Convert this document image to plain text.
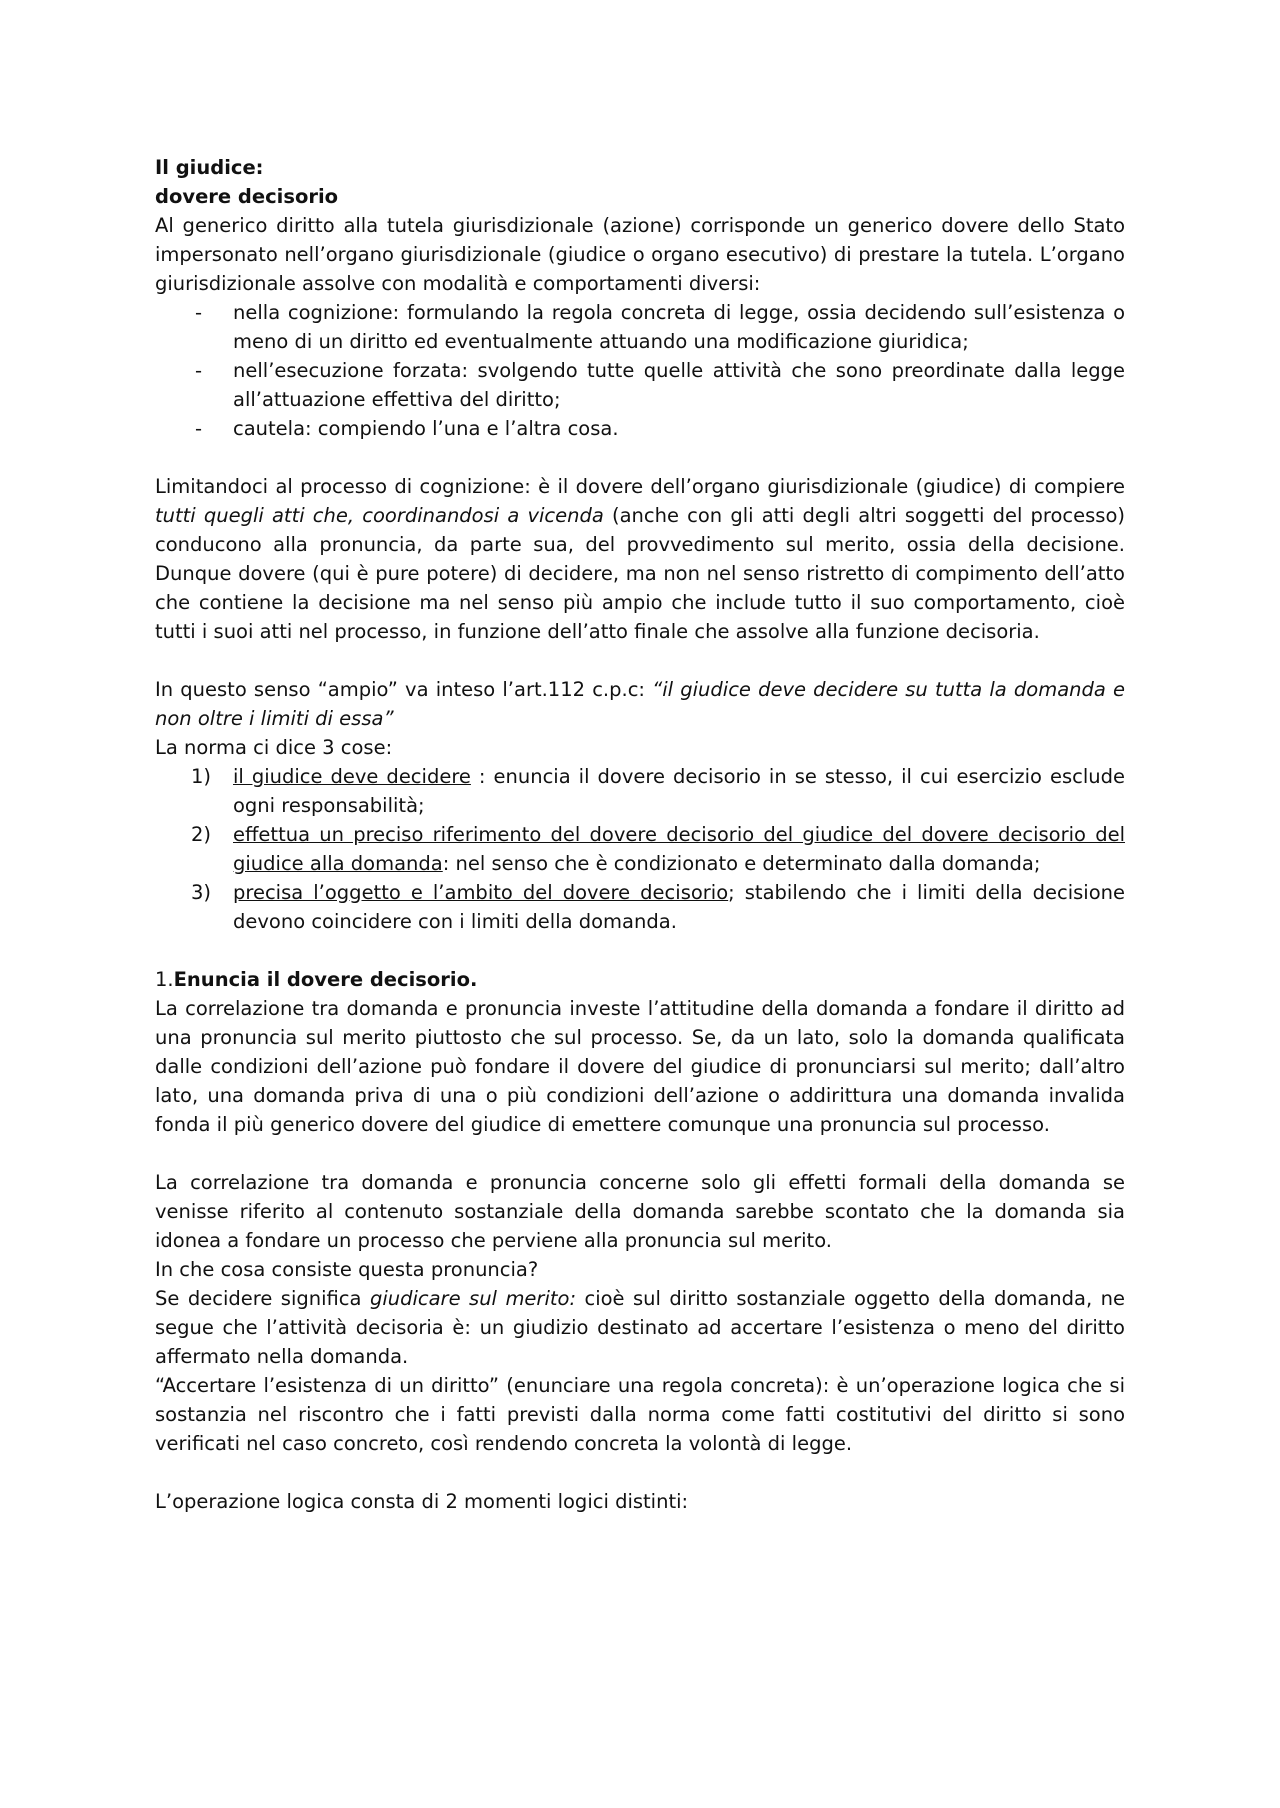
Il giudice:

dovere decisorio

Al generico diritto alla tutela giurisdizionale (azione) corrisponde un generico dovere dello Stato impersonato nell’organo giurisdizionale (giudice o organo esecutivo) di prestare la tutela. L’organo giurisdizionale assolve con modalità e comportamenti diversi:

- nella cognizione: formulando la regola concreta di legge, ossia decidendo sull’esistenza o meno di un diritto ed eventualmente attuando una modificazione giuridica;
- nell’esecuzione forzata: svolgendo tutte quelle attività che sono preordinate dalla legge all’attuazione effettiva del diritto;
- cautela: compiendo l’una e l’altra cosa.

Limitandoci al processo di cognizione: è il dovere dell’organo giurisdizionale (giudice) di compiere tutti quegli atti che, coordinandosi a vicenda (anche con gli atti degli altri soggetti del processo) conducono alla pronuncia, da parte sua, del provvedimento sul merito, ossia della decisione. Dunque dovere (qui è pure potere) di decidere, ma non nel senso ristretto di compimento dell’atto che contiene la decisione ma nel senso più ampio che include tutto il suo comportamento, cioè tutti i suoi atti nel processo, in funzione dell’atto finale che assolve alla funzione decisoria.

In questo senso “ampio” va inteso l’art.112 c.p.c: “il giudice deve decidere su tutta la domanda e non oltre i limiti di essa”

La norma ci dice 3 cose:

1) il giudice deve decidere : enuncia il dovere decisorio in se stesso, il cui esercizio esclude ogni responsabilità;
2) effettua un preciso riferimento del dovere decisorio del giudice del dovere decisorio del giudice alla domanda: nel senso che è condizionato e determinato dalla domanda;
3) precisa l’oggetto e l’ambito del dovere decisorio; stabilendo che i limiti della decisione devono coincidere con i limiti della domanda.

1.Enuncia il dovere decisorio.

La correlazione tra domanda e pronuncia investe l’attitudine della domanda a fondare il diritto ad una pronuncia sul merito piuttosto che sul processo. Se, da un lato, solo la domanda qualificata dalle condizioni dell’azione può fondare il dovere del giudice di pronunciarsi sul merito; dall’altro lato, una domanda priva di una o più condizioni dell’azione o addirittura una domanda invalida fonda il più generico dovere del giudice di emettere comunque una pronuncia sul processo.

La correlazione tra domanda e pronuncia concerne solo gli effetti formali della domanda se venisse riferito al contenuto sostanziale della domanda sarebbe scontato che la domanda sia idonea a fondare un processo che perviene alla pronuncia sul merito.

In che cosa consiste questa pronuncia?

Se decidere significa giudicare sul merito: cioè sul diritto sostanziale oggetto della domanda, ne segue che l’attività decisoria è: un giudizio destinato ad accertare l’esistenza o meno del diritto affermato nella domanda.

“Accertare l’esistenza di un diritto” (enunciare una regola concreta): è un’operazione logica che si sostanzia nel riscontro che i fatti previsti dalla norma come fatti costitutivi del diritto si sono verificati nel caso concreto, così rendendo concreta la volontà di legge.

L’operazione logica consta di 2 momenti logici distinti:
